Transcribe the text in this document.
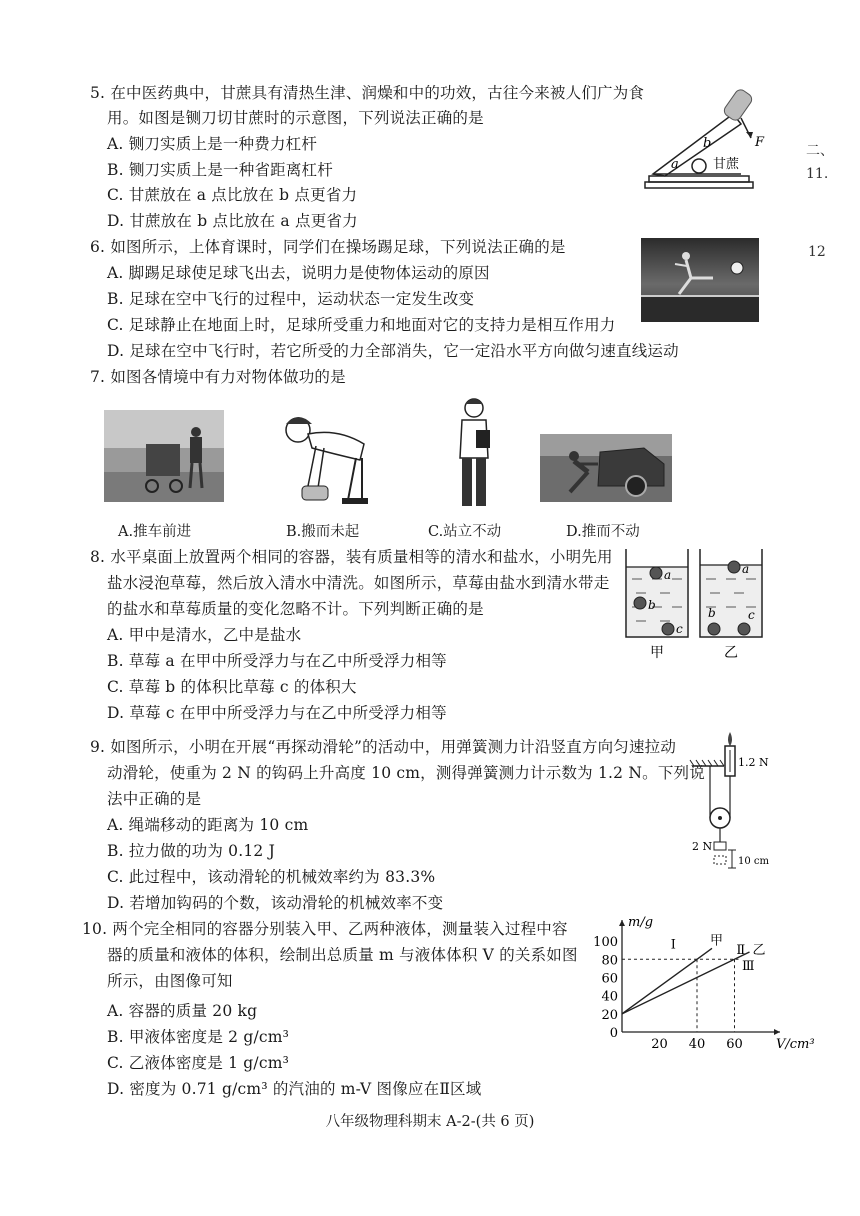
5. 在中医药典中，甘蔗具有清热生津、润燥和中的功效，古往今来被人们广为食
用。如图是铡刀切甘蔗时的示意图，下列说法正确的是
A. 铡刀实质上是一种费力杠杆
B. 铡刀实质上是一种省距离杠杆
C. 甘蔗放在 a 点比放在 b 点更省力
D. 甘蔗放在 b 点比放在 a 点更省力
F
b
a	甘蔗
二、
11.
12
6. 如图所示，上体育课时，同学们在操场踢足球，下列说法正确的是
A. 脚踢足球使足球飞出去，说明力是使物体运动的原因
B. 足球在空中飞行的过程中，运动状态一定发生改变
C. 足球静止在地面上时，足球所受重力和地面对它的支持力是相互作用力
D. 足球在空中飞行时，若它所受的力全部消失，它一定沿水平方向做匀速直线运动
7. 如图各情境中有力对物体做功的是
A.推车前进	B.搬而未起	C.站立不动	D.推而不动
8. 水平桌面上放置两个相同的容器，装有质量相等的清水和盐水，小明先用
盐水浸泡草莓，然后放入清水中清洗。如图所示，草莓由盐水到清水带走
的盐水和草莓质量的变化忽略不计。下列判断正确的是
A. 甲中是清水，乙中是盐水
B. 草莓 a 在甲中所受浮力与在乙中所受浮力相等
C. 草莓 b 的体积比草莓 c 的体积大
D. 草莓 c 在甲中所受浮力与在乙中所受浮力相等
a
b
c
甲
a
b	c
乙
9. 如图所示，小明在开展“再探动滑轮”的活动中，用弹簧测力计沿竖直方向匀速拉动
动滑轮，使重为 2 N 的钩码上升高度 10 cm，测得弹簧测力计示数为 1.2 N。下列说
法中正确的是
A. 绳端移动的距离为 10 cm
B. 拉力做的功为 0.12 J
C. 此过程中，该动滑轮的机械效率约为 83.3%
D. 若增加钩码的个数，该动滑轮的机械效率不变
1.2 N
2 N
10 cm
10. 两个完全相同的容器分别装入甲、乙两种液体，测量装入过程中容
器的质量和液体的体积，绘制出总质量 m 与液体体积 V 的关系如图
所示，由图像可知
A. 容器的质量 20 kg
B. 甲液体密度是 2 g/cm³
C. 乙液体密度是 1 g/cm³
D. 密度为 0.71 g/cm³ 的汽油的 m-V 图像应在Ⅱ区域
m/g
V/cm³
0
20
40
60
80
100
20 40 60
甲
乙
Ⅰ	Ⅱ
Ⅲ
八年级物理科期末 A-2-(共 6 页)
